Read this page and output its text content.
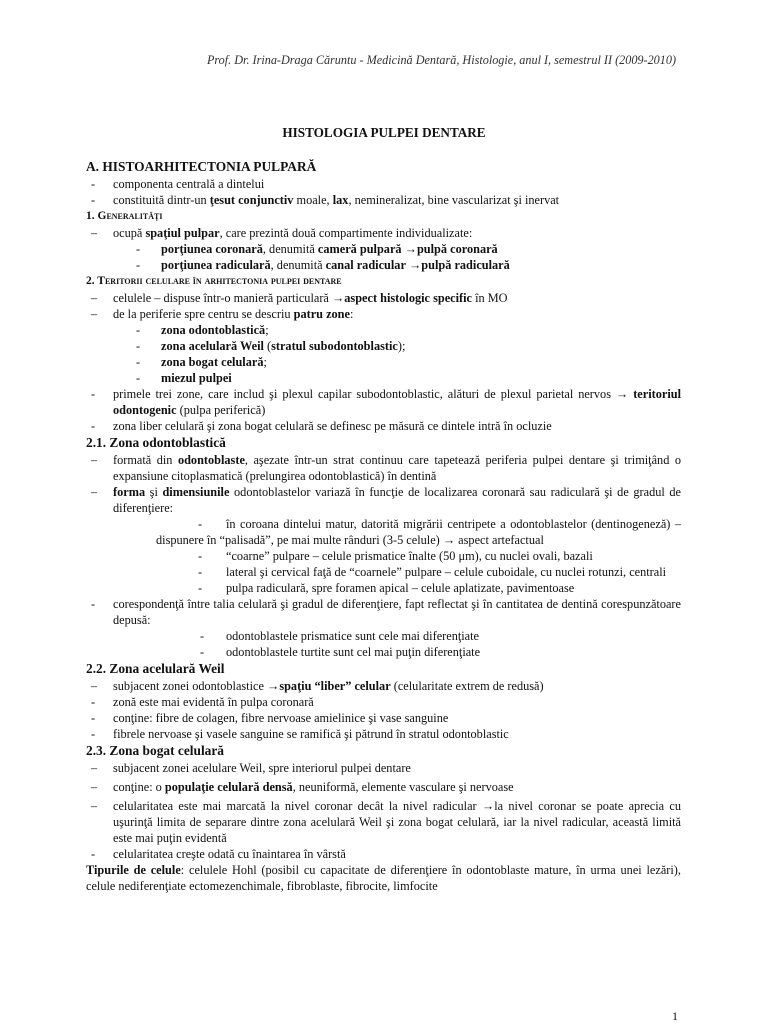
Prof. Dr. Irina-Draga Căruntu - Medicină Dentară, Histologie, anul I, semestrul II (2009-2010)
HISTOLOGIA PULPEI DENTARE
A. HISTOARHITECTONIA PULPARĂ
- componenta centrală a dintelui
- constituită dintr-un ţesut conjunctiv moale, lax, nemineralizat, bine vascularizat şi inervat
1. Generalităţi
– ocupă spaţiul pulpar, care prezintă două compartimente individualizate:
- porţiunea coronară, denumită cameră pulpară →pulpă coronară
- porţiunea radiculară, denumită canal radicular →pulpă radiculară
2. Teritorii celulare în arhitectonia pulpei dentare
– celulele – dispuse într-o manieră particulară →aspect histologic specific în MO
– de la periferie spre centru se descriu patru zone:
- zona odontoblastică;
- zona acelulară Weil (stratul subodontoblastic);
- zona bogat celulară;
- miezul pulpei
- primele trei zone, care includ şi plexul capilar subodontoblastic, alături de plexul parietal nervos → teritoriul odontogenic (pulpa periferică)
- zona liber celulară şi zona bogat celulară se definesc pe măsură ce dintele intră în ocluzie
2.1. Zona odontoblastică
– formată din odontoblaste, aşezate într-un strat continuu care tapetează periferia pulpei dentare şi trimiţând o expansiune citoplasmatică (prelungirea odontoblastică) în dentină
– forma şi dimensiunile odontoblastelor variază în funcţie de localizarea coronară sau radiculară şi de gradul de diferenţiere:
- în coroana dintelui matur, datorită migrării centripete a odontoblastelor (dentinogeneză) – dispunere în “palisadă”, pe mai multe rânduri (3-5 celule) → aspect artefactual
- “coarne” pulpare – celule prismatice înalte (50 μm), cu nuclei ovali, bazali
- lateral şi cervical faţă de “coarnele” pulpare – celule cuboidale, cu nuclei rotunzi, centrali
- pulpa radiculară, spre foramen apical – celule aplatizate, pavimentoase
- corespondenţă între talia celulară şi gradul de diferenţiere, fapt reflectat şi în cantitatea de dentină corespunzătoare depusă:
- odontoblastele prismatice sunt cele mai diferenţiate
- odontoblastele turtite sunt cel mai puţin diferenţiate
2.2. Zona acelulară Weil
– subjacent zonei odontoblastice →spaţiu “liber” celular (celularitate extrem de redusă)
- zonă este mai evidentă în pulpa coronară
- conţine: fibre de colagen, fibre nervoase amielinice şi vase sanguine
- fibrele nervoase şi vasele sanguine se ramifică şi pătrund în stratul odontoblastic
2.3. Zona bogat celulară
– subjacent zonei acelulare Weil, spre interiorul pulpei dentare
– conţine: o populaţie celulară densă, neuniformă, elemente vasculare şi nervoase
– celularitatea este mai marcată la nivel coronar decât la nivel radicular →la nivel coronar se poate aprecia cu uşurinţă limita de separare dintre zona acelulară Weil şi zona bogat celulară, iar la nivel radicular, această limită este mai puţin evidentă
- celularitatea creşte odată cu înaintarea în vârstă
Tipurile de celule: celulele Hohl (posibil cu capacitate de diferenţiere în odontoblaste mature, în urma unei lezări), celule nediferenţiate ectomezenchimale, fibroblaste, fibrocite, limfocite
1
